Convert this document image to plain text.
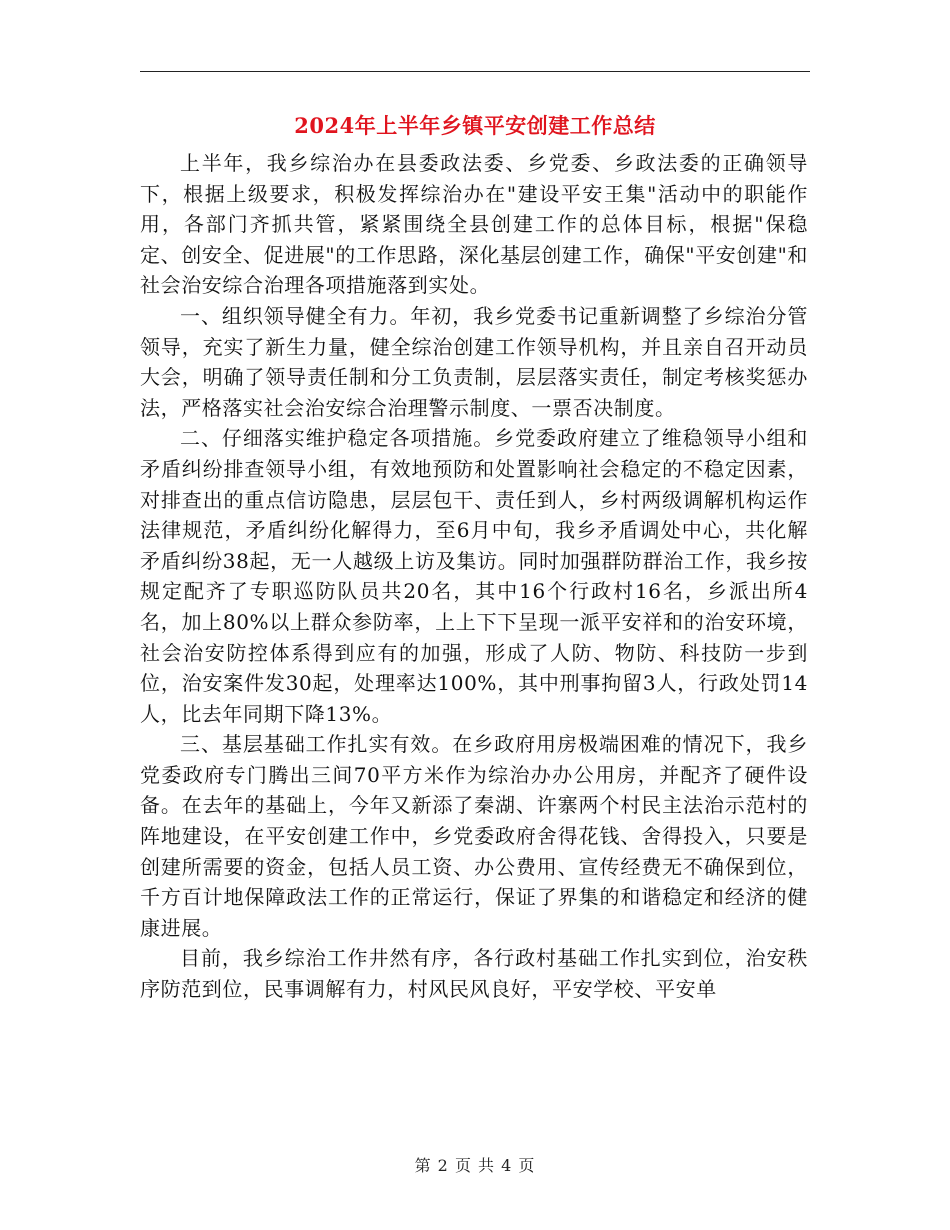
2024年上半年乡镇平安创建工作总结

上半年，我乡综治办在县委政法委、乡党委、乡政法委的正确领导下，根据上级要求，积极发挥综治办在"建设平安王集"活动中的职能作用，各部门齐抓共管，紧紧围绕全县创建工作的总体目标，根据"保稳定、创安全、促进展"的工作思路，深化基层创建工作，确保"平安创建"和社会治安综合治理各项措施落到实处。

一、组织领导健全有力。年初，我乡党委书记重新调整了乡综治分管领导，充实了新生力量，健全综治创建工作领导机构，并且亲自召开动员大会，明确了领导责任制和分工负责制，层层落实责任，制定考核奖惩办法，严格落实社会治安综合治理警示制度、一票否决制度。

二、仔细落实维护稳定各项措施。乡党委政府建立了维稳领导小组和矛盾纠纷排查领导小组，有效地预防和处置影响社会稳定的不稳定因素，对排查出的重点信访隐患，层层包干、责任到人，乡村两级调解机构运作法律规范，矛盾纠纷化解得力，至6月中旬，我乡矛盾调处中心，共化解矛盾纠纷38起，无一人越级上访及集访。同时加强群防群治工作，我乡按规定配齐了专职巡防队员共20名，其中16个行政村16名，乡派出所4名，加上80%以上群众参防率，上上下下呈现一派平安祥和的治安环境，社会治安防控体系得到应有的加强，形成了人防、物防、科技防一步到位，治安案件发30起，处理率达100%，其中刑事拘留3人，行政处罚14人，比去年同期下降13%。

三、基层基础工作扎实有效。在乡政府用房极端困难的情况下，我乡党委政府专门腾出三间70平方米作为综治办办公用房，并配齐了硬件设备。在去年的基础上，今年又新添了秦湖、许寨两个村民主法治示范村的阵地建设，在平安创建工作中，乡党委政府舍得花钱、舍得投入，只要是创建所需要的资金，包括人员工资、办公费用、宣传经费无不确保到位，千方百计地保障政法工作的正常运行，保证了界集的和谐稳定和经济的健康进展。

目前，我乡综治工作井然有序，各行政村基础工作扎实到位，治安秩序防范到位，民事调解有力，村风民风良好，平安学校、平安单

第 2 页 共 4 页
